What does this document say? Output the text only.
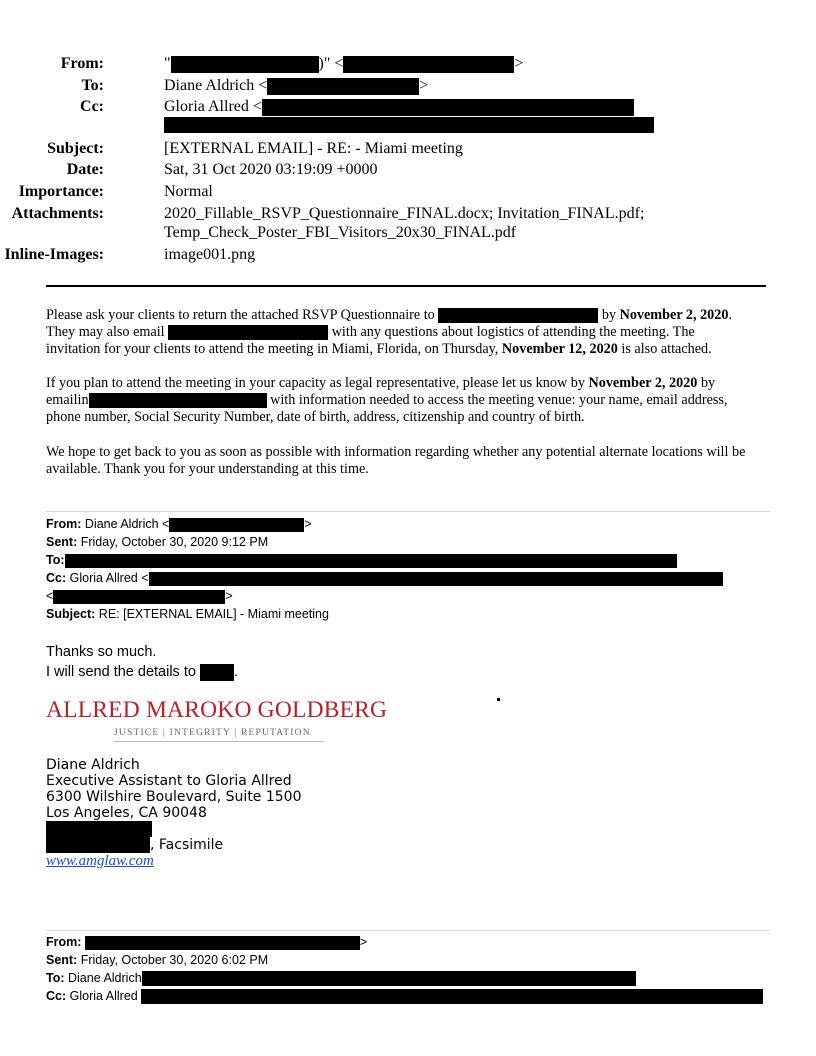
From:	"	)" <	>
To:	Diane Aldrich <	>
Cc:	Gloria Allred <
Subject:	[EXTERNAL EMAIL] - RE: - Miami meeting
Date:	Sat, 31 Oct 2020 03:19:09 +0000
Importance:	Normal
Attachments:	2020_Fillable_RSVP_Questionnaire_FINAL.docx; Invitation_FINAL.pdf;
Temp_Check_Poster_FBI_Visitors_20x30_FINAL.pdf
Inline-Images:	image001.png
Please ask your clients to return the attached RSVP Questionnaire to	by November 2, 2020.
They may also email	with any questions about logistics of attending the meeting. The
invitation for your clients to attend the meeting in Miami, Florida, on Thursday, November 12, 2020 is also attached.
If you plan to attend the meeting in your capacity as legal representative, please let us know by November 2, 2020 by
emailin	with information needed to access the meeting venue: your name, email address,
phone number, Social Security Number, date of birth, address, citizenship and country of birth.
We hope to get back to you as soon as possible with information regarding whether any potential alternate locations will be
available. Thank you for your understanding at this time.
From: Diane Aldrich <	>
Sent: Friday, October 30, 2020 9:12 PM
To:
Cc: Gloria Allred <
<	>
Subject: RE: [EXTERNAL EMAIL] - Miami meeting
Thanks so much.
I will send the details to	.
ALLRED MAROKO GOLDBERG
JUSTICE | INTEGRITY | REPUTATION
Diane Aldrich
Executive Assistant to Gloria Allred
6300 Wilshire Boulevard, Suite 1500
Los Angeles, CA 90048
, Facsimile
www.amglaw.com
From:	>
Sent: Friday, October 30, 2020 6:02 PM
To: Diane Aldrich
Cc: Gloria Allred
